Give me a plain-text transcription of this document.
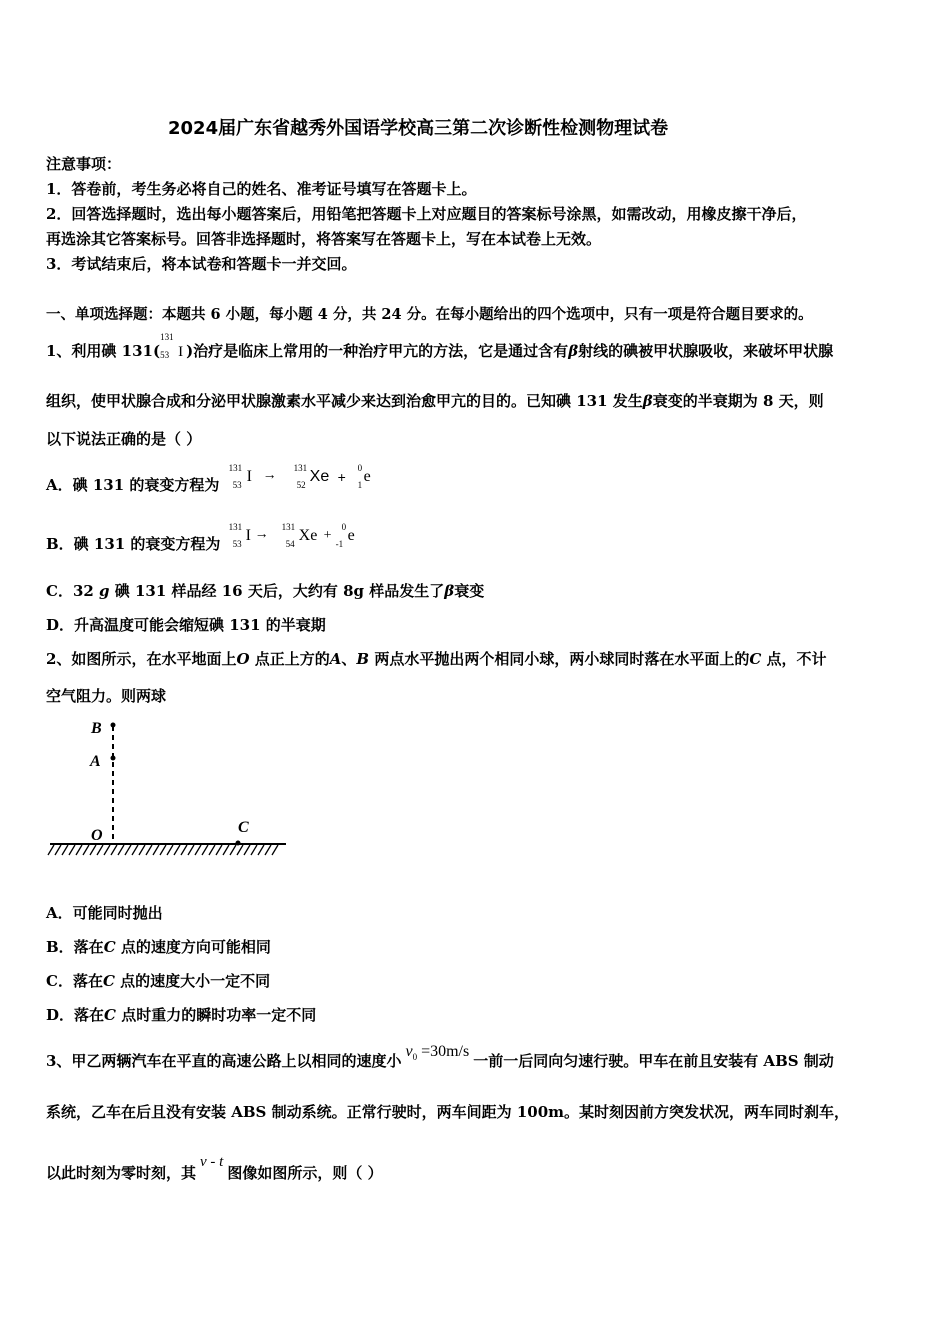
2024届广东省越秀外国语学校高三第二次诊断性检测物理试卷
注意事项：
1．答卷前，考生务必将自己的姓名、准考证号填写在答题卡上。
2．回答选择题时，选出每小题答案后，用铅笔把答题卡上对应题目的答案标号涂黑，如需改动，用橡皮擦干净后，
再选涂其它答案标号。回答非选择题时，将答案写在答题卡上，写在本试卷上无效。
3．考试结束后，将本试卷和答题卡一并交回。
一、单项选择题：本题共 6 小题，每小题 4 分，共 24 分。在每小题给出的四个选项中，只有一项是符合题目要求的。
1、利用碘 131(
131
53 I )治疗是临床上常用的一种治疗甲亢的方法，它是通过含有β射线的碘被甲状腺吸收，来破坏甲状腺
组织，使甲状腺合成和分泌甲状腺激素水平减少来达到治愈甲亢的目的。已知碘 131 发生β衰变的半衰期为 8 天，则
以下说法正确的是（ ）
A．碘 131 的衰变方程为
131
53 I → 131
52 Xe +
0
1 e
B．碘 131 的衰变方程为
131
53 I → 131
54 Xe +
0
-1 e
C．32 g 碘 131 样品经 16 天后，大约有 8g 样品发生了β衰变
D．升高温度可能会缩短碘 131 的半衰期
2、如图所示，在水平地面上O 点正上方的A、B 两点水平抛出两个相同小球，两小球同时落在水平面上的C 点，不计
空气阻力。则两球
B
A
O	C
A．可能同时抛出
B．落在C 点的速度方向可能相同
C．落在C 点的速度大小一定不同
D．落在C 点时重力的瞬时功率一定不同
3、甲乙两辆汽车在平直的高速公路上以相同的速度小$v_0 =30m/s$一前一后同向匀速行驶。甲车在前且安装有 ABS 制动
系统，乙车在后且没有安装 ABS 制动系统。正常行驶时，两车间距为 100m。某时刻因前方突发状况，两车同时刹车，
以此时刻为零时刻，其v - t图像如图所示，则（ ）
